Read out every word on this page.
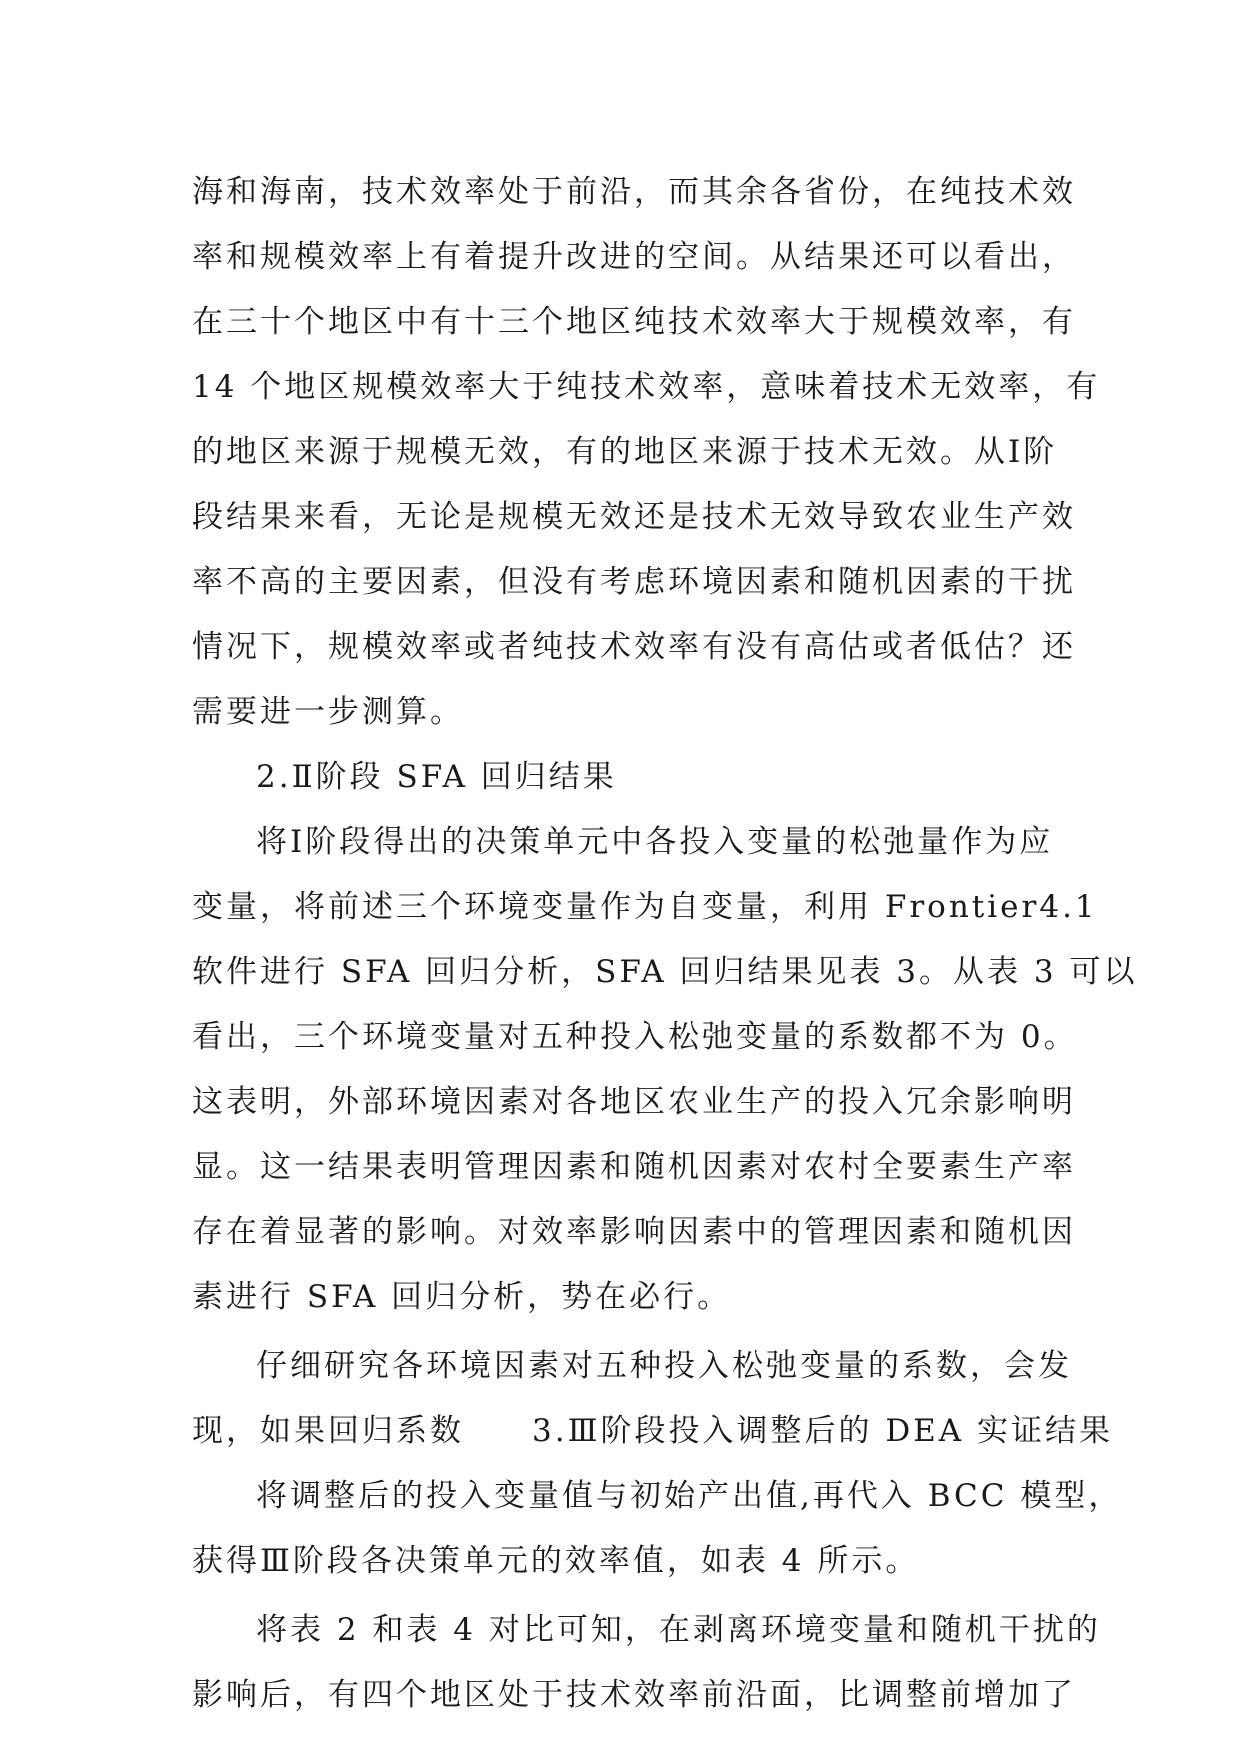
海和海南，技术效率处于前沿，而其余各省份，在纯技术效
率和规模效率上有着提升改进的空间。从结果还可以看出，
在三十个地区中有十三个地区纯技术效率大于规模效率，有
14 个地区规模效率大于纯技术效率，意味着技术无效率，有
的地区来源于规模无效，有的地区来源于技术无效。从Ⅰ阶
段结果来看，无论是规模无效还是技术无效导致农业生产效
率不高的主要因素，但没有考虑环境因素和随机因素的干扰
情况下，规模效率或者纯技术效率有没有高估或者低估？还
需要进一步测算。
2.Ⅱ阶段 SFA 回归结果
将Ⅰ阶段得出的决策单元中各投入变量的松弛量作为应
变量，将前述三个环境变量作为自变量，利用 Frontier4.1
软件进行 SFA 回归分析，SFA 回归结果见表 3。从表 3 可以
看出，三个环境变量对五种投入松弛变量的系数都不为 0。
这表明，外部环境因素对各地区农业生产的投入冗余影响明
显。这一结果表明管理因素和随机因素对农村全要素生产率
存在着显著的影响。对效率影响因素中的管理因素和随机因
素进行 SFA 回归分析，势在必行。
仔细研究各环境因素对五种投入松弛变量的系数，会发
现，如果回归系数　　3.Ⅲ阶段投入调整后的 DEA 实证结果
将调整后的投入变量值与初始产出值,再代入 BCC 模型，
获得Ⅲ阶段各决策单元的效率值，如表 4 所示。
将表 2 和表 4 对比可知，在剥离环境变量和随机干扰的
影响后，有四个地区处于技术效率前沿面，比调整前增加了
